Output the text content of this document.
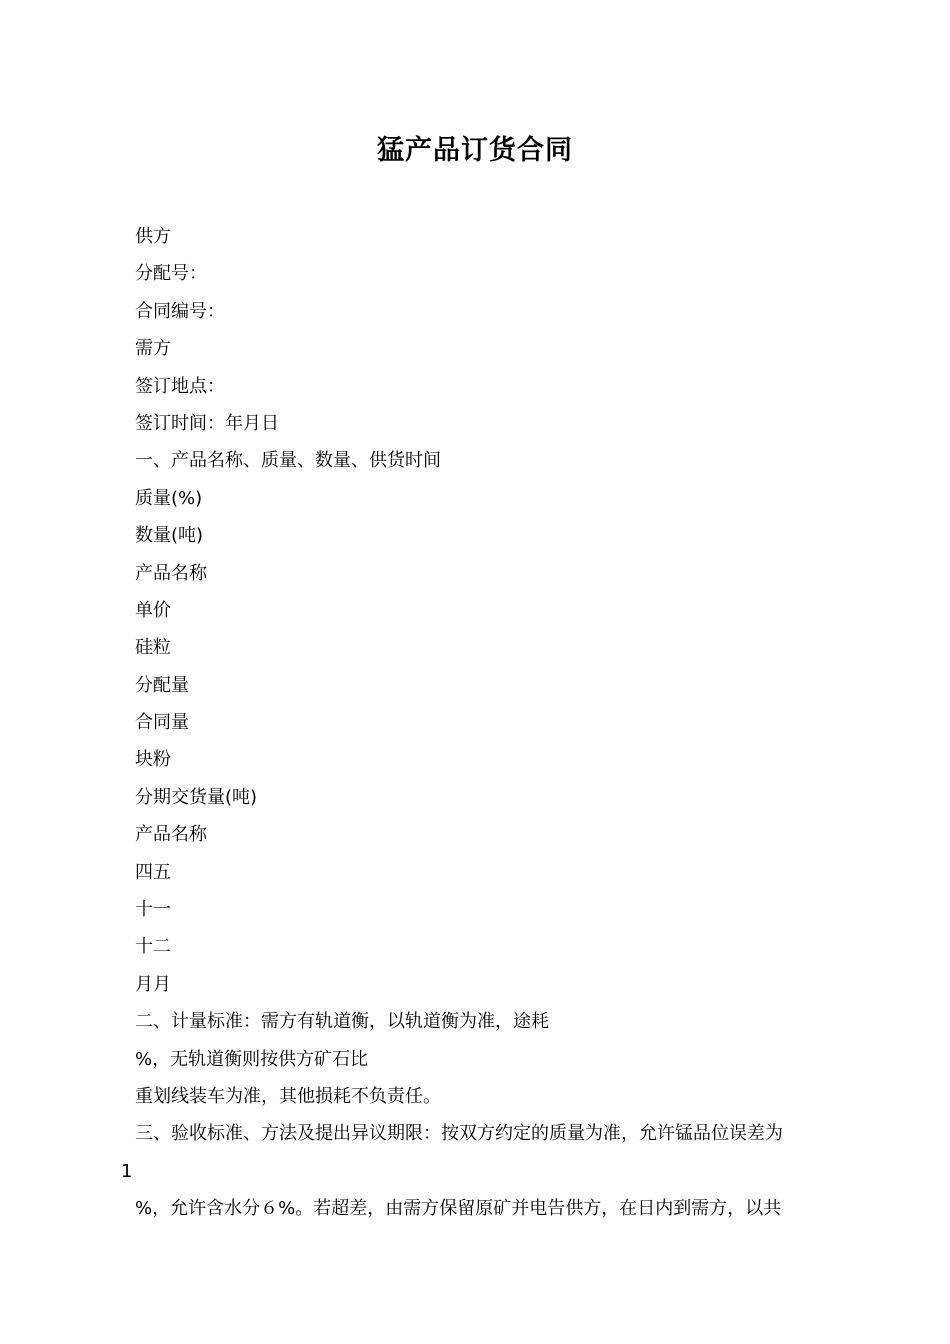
猛产品订货合同
供方
分配号：
合同编号：
需方
签订地点：
签订时间：年月日
一、产品名称、质量、数量、供货时间
质量(%)
数量(吨)
产品名称
单价
硅粒
分配量
合同量
块粉
分期交货量(吨)
产品名称
四五
十一
十二
月月
二、计量标准：需方有轨道衡，以轨道衡为准，途耗
%，无轨道衡则按供方矿石比
重划线装车为准，其他损耗不负责任。
三、验收标准、方法及提出异议期限：按双方约定的质量为准，允许锰品位误差为
1
%，允许含水分６%。若超差，由需方保留原矿并电告供方，在日内到需方，以共
